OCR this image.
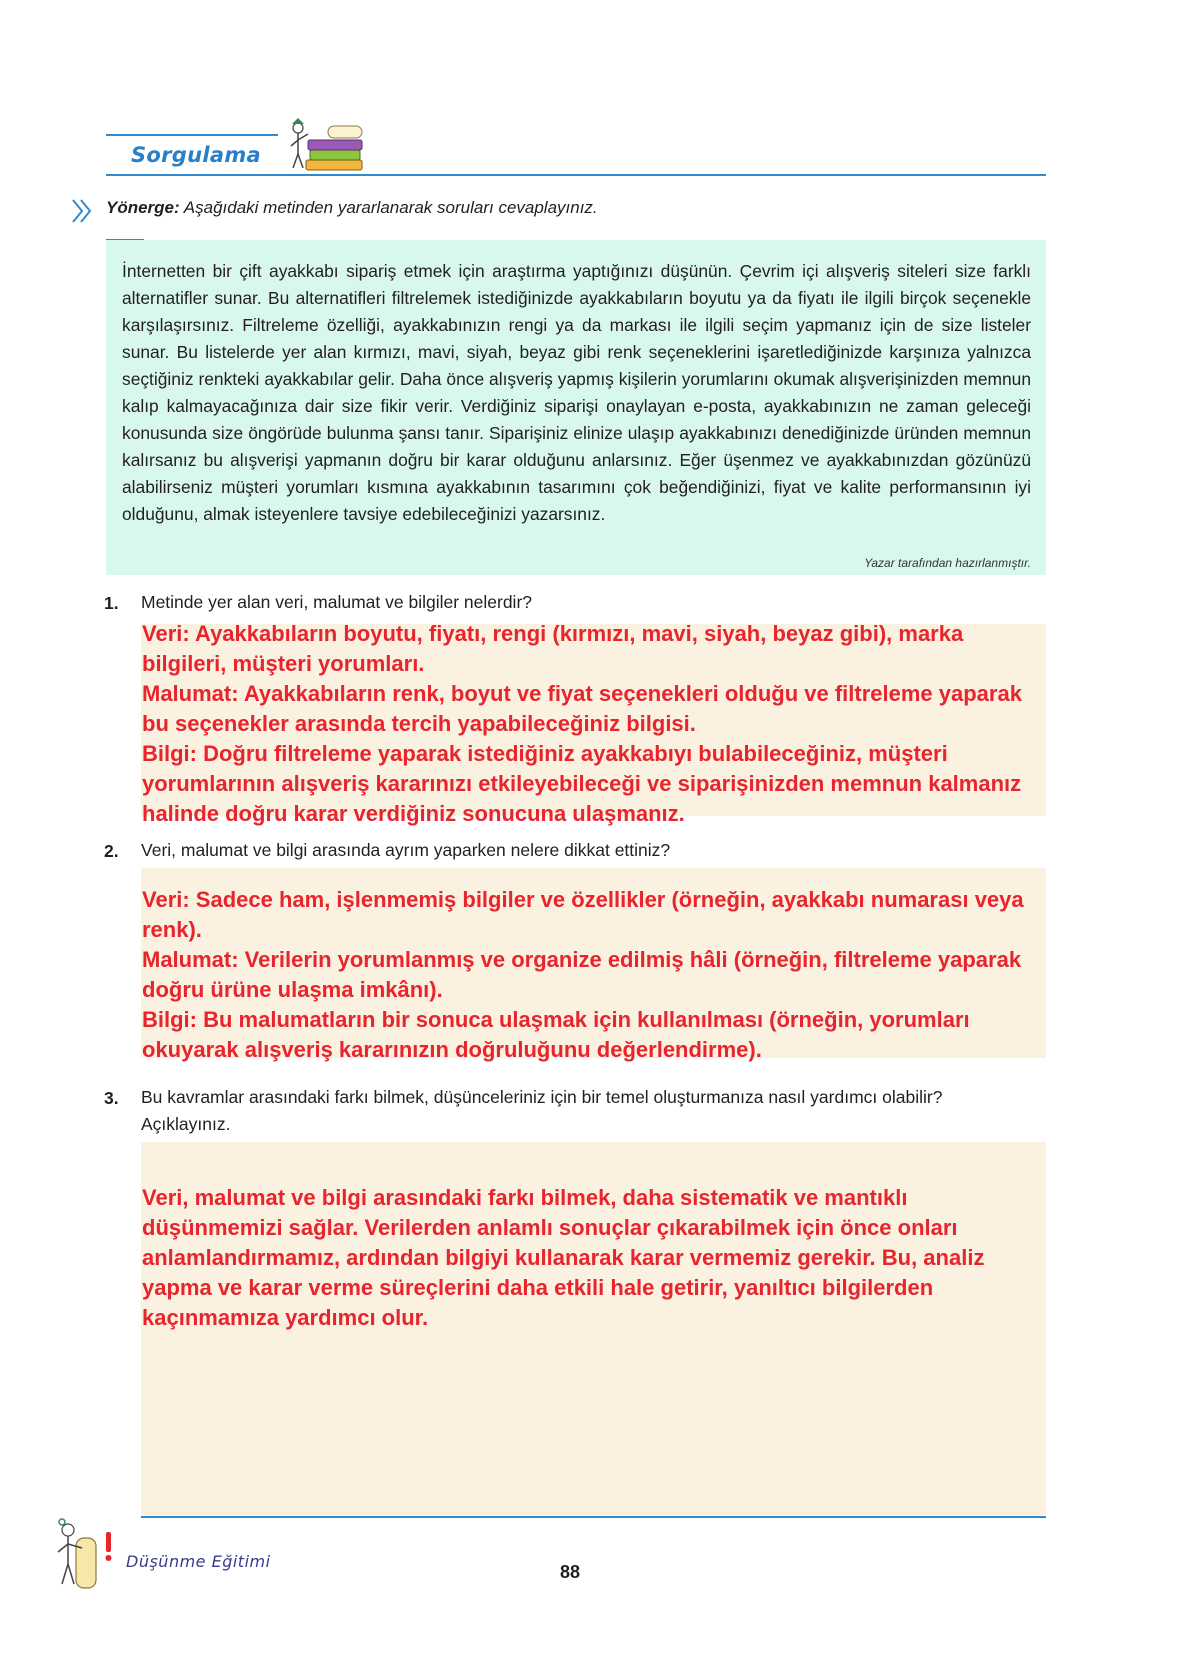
Sorgulama
Yönerge: Aşağıdaki metinden yararlanarak soruları cevaplayınız.
İnternetten bir çift ayakkabı sipariş etmek için araştırma yaptığınızı düşünün. Çevrim içi alışveriş siteleri size farklı alternatifler sunar. Bu alternatifleri filtrelemek istediğinizde ayakkabıların boyutu ya da fiyatı ile ilgili birçok seçenekle karşılaşırsınız. Filtreleme özelliği, ayakkabınızın rengi ya da markası ile ilgili seçim yapmanız için de size listeler sunar. Bu listelerde yer alan kırmızı, mavi, siyah, beyaz gibi renk seçeneklerini işaretlediğinizde karşınıza yalnızca seçtiğiniz renkteki ayakkabılar gelir. Daha önce alışveriş yapmış kişilerin yorumlarını okumak alışverişinizden memnun kalıp kalmayacağınıza dair size fikir verir. Verdiğiniz siparişi onaylayan e-posta, ayakkabınızın ne zaman geleceği konusunda size öngörüde bulunma şansı tanır. Siparişiniz elinize ulaşıp ayakkabınızı denediğinizde üründen memnun kalırsanız bu alışverişi yapmanın doğru bir karar olduğunu anlarsınız. Eğer üşenmez ve ayakkabınızdan gözünüzü alabilirseniz müşteri yorumları kısmına ayakkabının tasarımını çok beğendiğinizi, fiyat ve kalite performansının iyi olduğunu, almak isteyenlere tavsiye edebileceğinizi yazarsınız.
Yazar tarafından hazırlanmıştır.
1. Metinde yer alan veri, malumat ve bilgiler nelerdir?

Veri: Ayakkabıların boyutu, fiyatı, rengi (kırmızı, mavi, siyah, beyaz gibi), marka bilgileri, müşteri yorumları.

Malumat: Ayakkabıların renk, boyut ve fiyat seçenekleri olduğu ve filtreleme yaparak bu seçenekler arasında tercih yapabileceğiniz bilgisi.

Bilgi: Doğru filtreleme yaparak istediğiniz ayakkabıyı bulabileceğiniz, müşteri yorumlarının alışveriş kararınızı etkileyebileceği ve siparişinizden memnun kalmanız halinde doğru karar verdiğiniz sonucuna ulaşmanız.

2. Veri, malumat ve bilgi arasında ayrım yaparken nelere dikkat ettiniz?

Veri: Sadece ham, işlenmemiş bilgiler ve özellikler (örneğin, ayakkabı numarası veya renk).

Malumat: Verilerin yorumlanmış ve organize edilmiş hâli (örneğin, filtreleme yaparak doğru ürüne ulaşma imkânı).

Bilgi: Bu malumatların bir sonuca ulaşmak için kullanılması (örneğin, yorumları okuyarak alışveriş kararınızın doğruluğunu değerlendirme).

3. Bu kavramlar arasındaki farkı bilmek, düşünceleriniz için bir temel oluşturmanıza nasıl yardımcı olabilir? Açıklayınız.

Veri, malumat ve bilgi arasındaki farkı bilmek, daha sistematik ve mantıklı düşünmemizi sağlar. Verilerden anlamlı sonuçlar çıkarabilmek için önce onları anlamlandırmamız, ardından bilgiyi kullanarak karar vermemiz gerekir. Bu, analiz yapma ve karar verme süreçlerini daha etkili hale getirir, yanıltıcı bilgilerden kaçınmamıza yardımcı olur.

Düşünme Eğitimi
88
